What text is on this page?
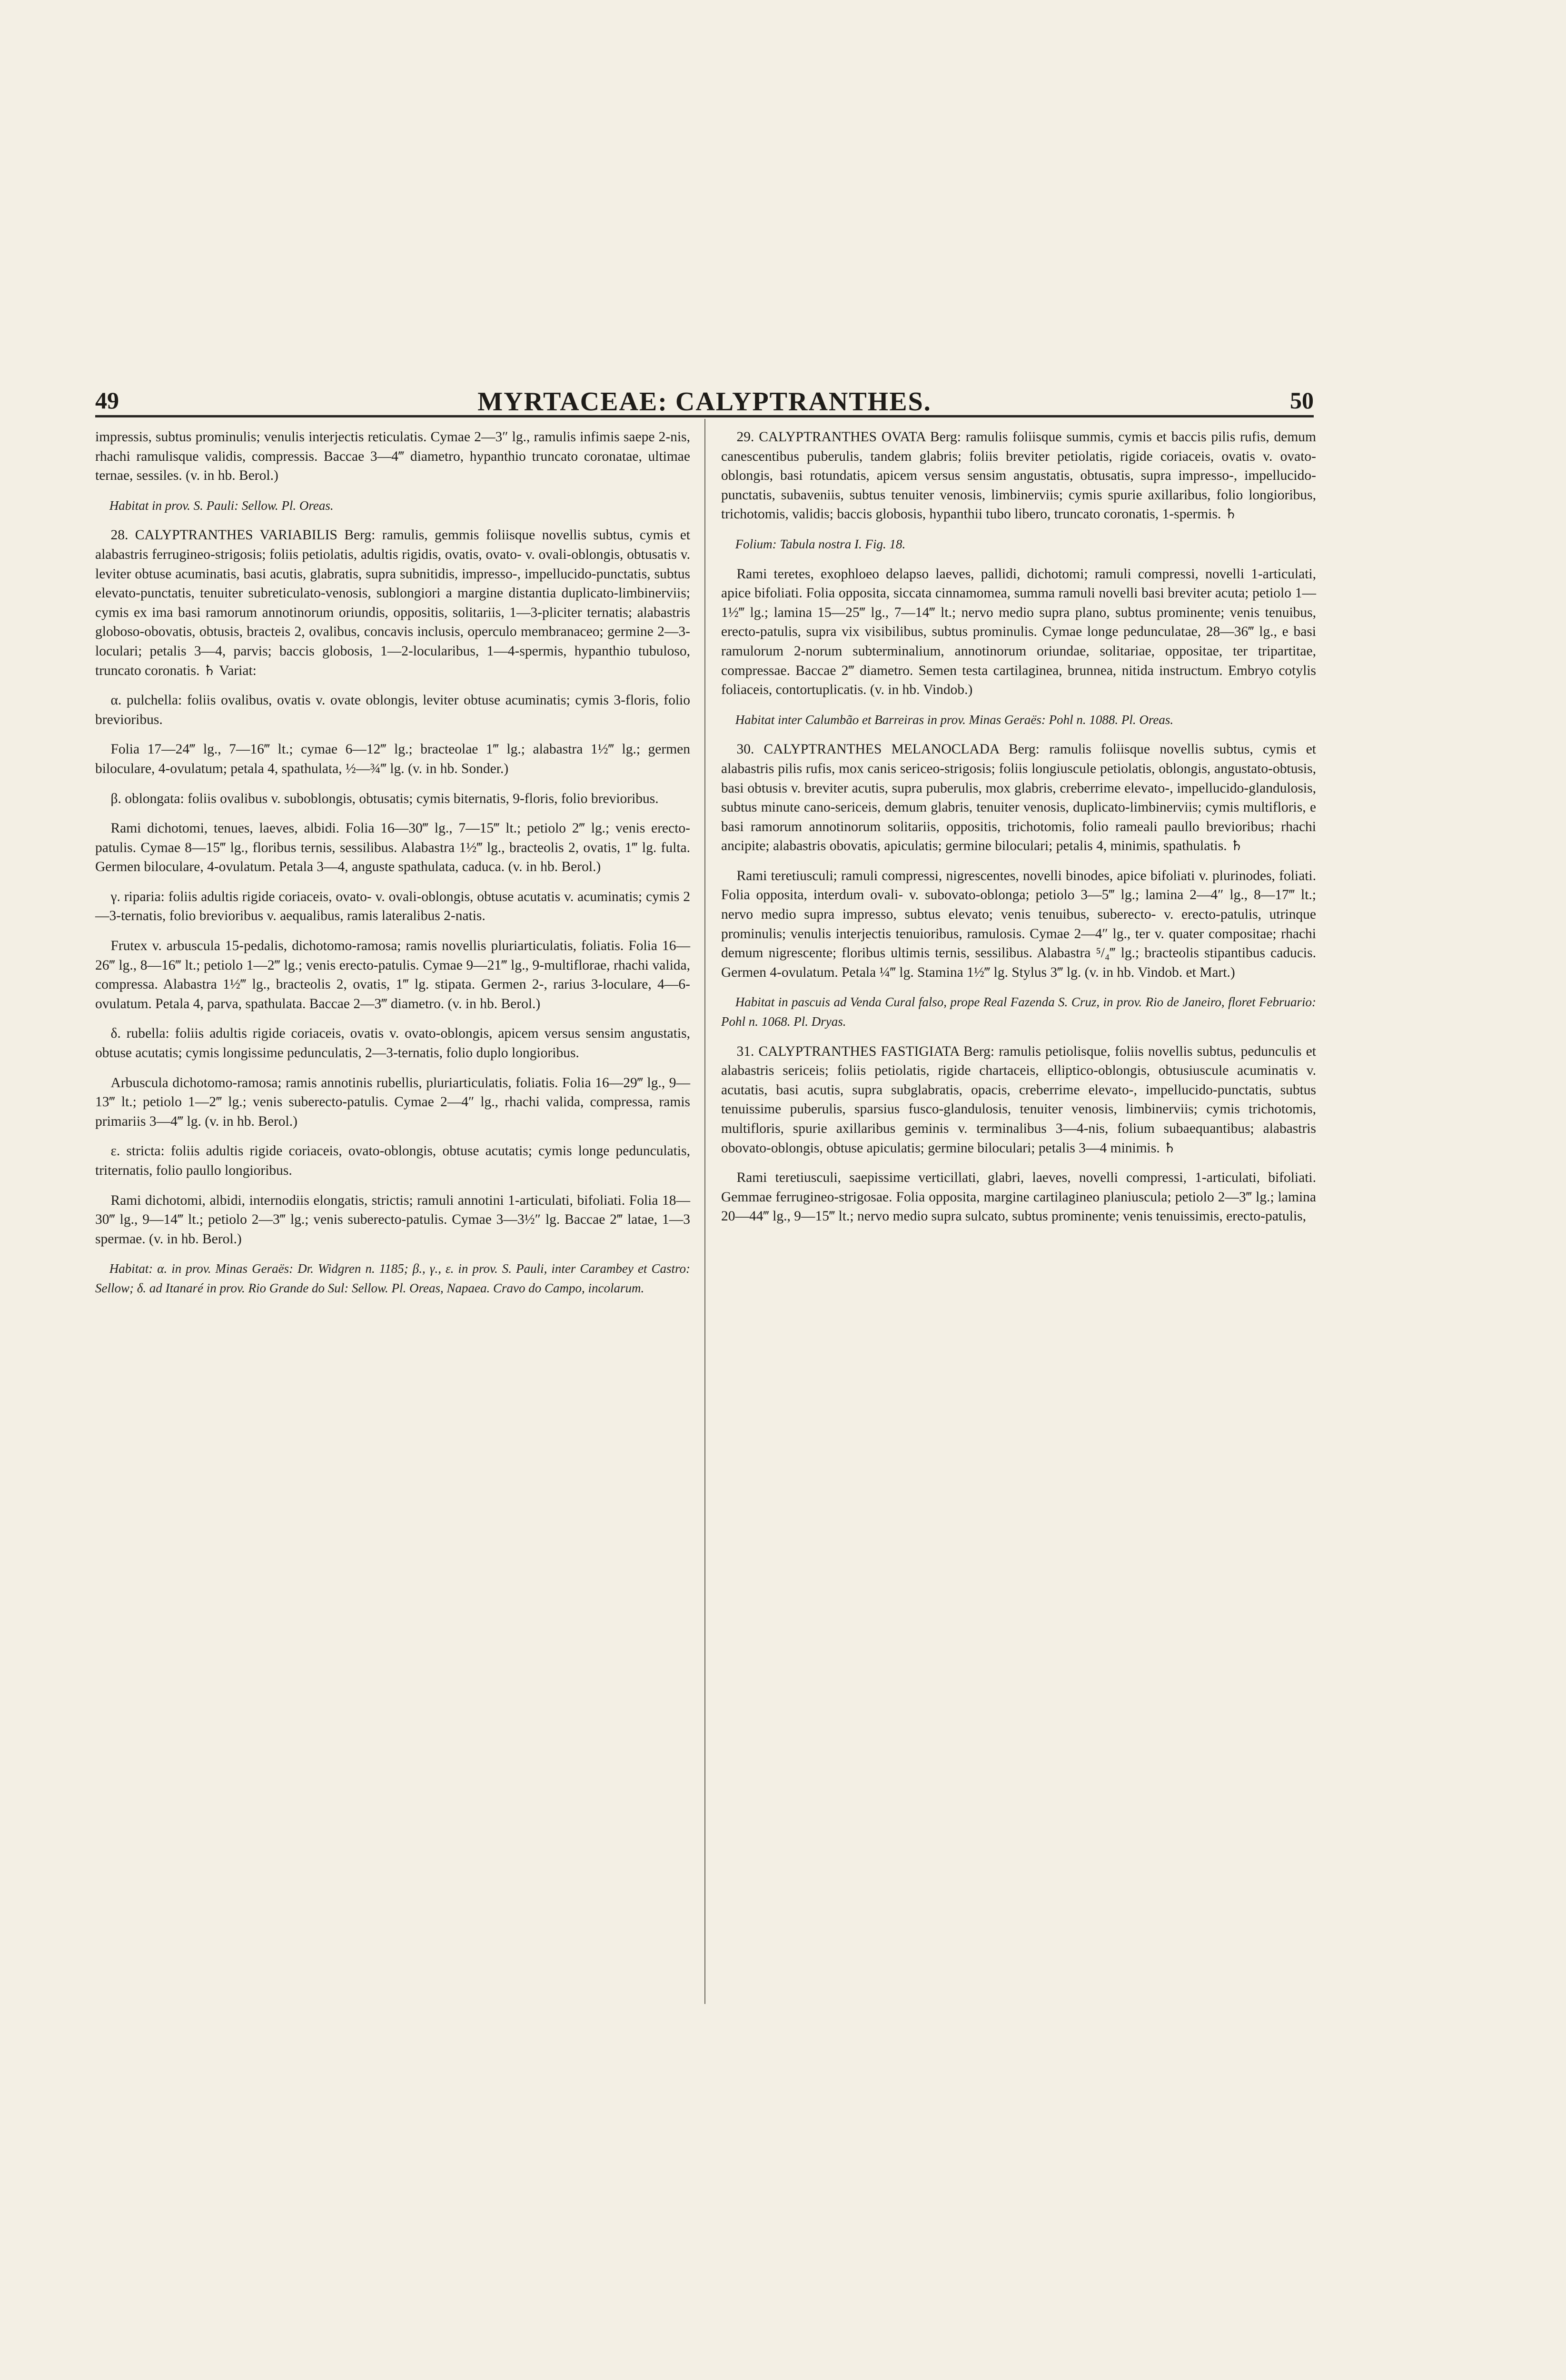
49	MYRTACEAE: CALYPTRANTHES.	50

impressis, subtus prominulis; venulis interjectis reticulatis. Cymae 2—3″ lg., ramulis infimis saepe 2-nis, rhachi ramulisque validis, compressis. Baccae 3—4‴ diametro, hypanthio truncato coronatae, ultimae ternae, sessiles. (v. in hb. Berol.)

Habitat in prov. S. Pauli: Sellow. Pl. Oreas.

28. CALYPTRANTHES VARIABILIS Berg: ramulis, gemmis foliisque novellis subtus, cymis et alabastris ferrugineo-strigosis; foliis petiolatis, adultis rigidis, ovatis, ovato- v. ovali-oblongis, obtusatis v. leviter obtuse acuminatis, basi acutis, glabratis, supra subnitidis, impresso-, impellucido-punctatis, subtus elevato-punctatis, tenuiter subreticulato-venosis, sublongiori a margine distantia duplicato-limbinerviis; cymis ex ima basi ramorum annotinorum oriundis, oppositis, solitariis, 1—3-pliciter ternatis; alabastris globoso-obovatis, obtusis, bracteis 2, ovalibus, concavis inclusis, operculo membranaceo; germine 2—3-loculari; petalis 3—4, parvis; baccis globosis, 1—2-locularibus, 1—4-spermis, hypanthio tubuloso, truncato coronatis. ♄ Variat:

α. pulchella: foliis ovalibus, ovatis v. ovate oblongis, leviter obtuse acuminatis; cymis 3-floris, folio brevioribus.

Folia 17—24‴ lg., 7—16‴ lt.; cymae 6—12‴ lg.; bracteolae 1‴ lg.; alabastra 1½‴ lg.; germen biloculare, 4-ovulatum; petala 4, spathulata, ½—¾‴ lg. (v. in hb. Sonder.)

β. oblongata: foliis ovalibus v. suboblongis, obtusatis; cymis biternatis, 9-floris, folio brevioribus.

Rami dichotomi, tenues, laeves, albidi. Folia 16—30‴ lg., 7—15‴ lt.; petiolo 2‴ lg.; venis erecto-patulis. Cymae 8—15‴ lg., floribus ternis, sessilibus. Alabastra 1½‴ lg., bracteolis 2, ovatis, 1‴ lg. fulta. Germen biloculare, 4-ovulatum. Petala 3—4, anguste spathulata, caduca. (v. in hb. Berol.)

γ. riparia: foliis adultis rigide coriaceis, ovato- v. ovali-oblongis, obtuse acutatis v. acuminatis; cymis 2—3-ternatis, folio brevioribus v. aequalibus, ramis lateralibus 2-natis.

Frutex v. arbuscula 15-pedalis, dichotomo-ramosa; ramis novellis pluriarticulatis, foliatis. Folia 16—26‴ lg., 8—16‴ lt.; petiolo 1—2‴ lg.; venis erecto-patulis. Cymae 9—21‴ lg., 9-multiflorae, rhachi valida, compressa. Alabastra 1½‴ lg., bracteolis 2, ovatis, 1‴ lg. stipata. Germen 2-, rarius 3-loculare, 4—6-ovulatum. Petala 4, parva, spathulata. Baccae 2—3‴ diametro. (v. in hb. Berol.)

δ. rubella: foliis adultis rigide coriaceis, ovatis v. ovato-oblongis, apicem versus sensim angustatis, obtuse acutatis; cymis longissime pedunculatis, 2—3-ternatis, folio duplo longioribus.

Arbuscula dichotomo-ramosa; ramis annotinis rubellis, pluriarticulatis, foliatis. Folia 16—29‴ lg., 9—13‴ lt.; petiolo 1—2‴ lg.; venis suberecto-patulis. Cymae 2—4″ lg., rhachi valida, compressa, ramis primariis 3—4‴ lg. (v. in hb. Berol.)

ε. stricta: foliis adultis rigide coriaceis, ovato-oblongis, obtuse acutatis; cymis longe pedunculatis, triternatis, folio paullo longioribus.

Rami dichotomi, albidi, internodiis elongatis, strictis; ramuli annotini 1-articulati, bifoliati. Folia 18—30‴ lg., 9—14‴ lt.; petiolo 2—3‴ lg.; venis suberecto-patulis. Cymae 3—3½″ lg. Baccae 2‴ latae, 1—3 spermae. (v. in hb. Berol.)

Habitat: α. in prov. Minas Geraës: Dr. Widgren n. 1185; β., γ., ε. in prov. S. Pauli, inter Carambey et Castro: Sellow; δ. ad Itanaré in prov. Rio Grande do Sul: Sellow. Pl. Oreas, Napaea. Cravo do Campo, incolarum.

29. CALYPTRANTHES OVATA Berg: ramulis foliisque summis, cymis et baccis pilis rufis, demum canescentibus puberulis, tandem glabris; foliis breviter petiolatis, rigide coriaceis, ovatis v. ovato-oblongis, basi rotundatis, apicem versus sensim angustatis, obtusatis, supra impresso-, impellucido-punctatis, subaveniis, subtus tenuiter venosis, limbinerviis; cymis spurie axillaribus, folio longioribus, trichotomis, validis; baccis globosis, hypanthii tubo libero, truncato coronatis, 1-spermis. ♄

Folium: Tabula nostra I. Fig. 18.

Rami teretes, exophloeo delapso laeves, pallidi, dichotomi; ramuli compressi, novelli 1-articulati, apice bifoliati. Folia opposita, siccata cinnamomea, summa ramuli novelli basi breviter acuta; petiolo 1—1½‴ lg.; lamina 15—25‴ lg., 7—14‴ lt.; nervo medio supra plano, subtus prominente; venis tenuibus, erecto-patulis, supra vix visibilibus, subtus prominulis. Cymae longe pedunculatae, 28—36‴ lg., e basi ramulorum 2-norum subterminalium, annotinorum oriundae, solitariae, oppositae, ter tripartitae, compressae. Baccae 2‴ diametro. Semen testa cartilaginea, brunnea, nitida instructum. Embryo cotylis foliaceis, contortuplicatis. (v. in hb. Vindob.)

Habitat inter Calumbão et Barreiras in prov. Minas Geraës: Pohl n. 1088. Pl. Oreas.

30. CALYPTRANTHES MELANOCLADA Berg: ramulis foliisque novellis subtus, cymis et alabastris pilis rufis, mox canis sericeo-strigosis; foliis longiuscule petiolatis, oblongis, angustato-obtusis, basi obtusis v. breviter acutis, supra puberulis, mox glabris, creberrime elevato-, impellucido-glandulosis, subtus minute cano-sericeis, demum glabris, tenuiter venosis, duplicato-limbinerviis; cymis multifloris, e basi ramorum annotinorum solitariis, oppositis, trichotomis, folio rameali paullo brevioribus; rhachi ancipite; alabastris obovatis, apiculatis; germine biloculari; petalis 4, minimis, spathulatis. ♄

Rami teretiusculi; ramuli compressi, nigrescentes, novelli binodes, apice bifoliati v. plurinodes, foliati. Folia opposita, interdum ovali- v. subovato-oblonga; petiolo 3—5‴ lg.; lamina 2—4″ lg., 8—17‴ lt.; nervo medio supra impresso, subtus elevato; venis tenuibus, suberecto- v. erecto-patulis, utrinque prominulis; venulis interjectis tenuioribus, ramulosis. Cymae 2—4″ lg., ter v. quater compositae; rhachi demum nigrescente; floribus ultimis ternis, sessilibus. Alabastra ⁵/₄‴ lg.; bracteolis stipantibus caducis. Germen 4-ovulatum. Petala ¼‴ lg. Stamina 1½‴ lg. Stylus 3‴ lg. (v. in hb. Vindob. et Mart.)

Habitat in pascuis ad Venda Cural falso, prope Real Fazenda S. Cruz, in prov. Rio de Janeiro, floret Februario: Pohl n. 1068. Pl. Dryas.

31. CALYPTRANTHES FASTIGIATA Berg: ramulis petiolisque, foliis novellis subtus, pedunculis et alabastris sericeis; foliis petiolatis, rigide chartaceis, elliptico-oblongis, obtusiuscule acuminatis v. acutatis, basi acutis, supra subglabratis, opacis, creberrime elevato-, impellucido-punctatis, subtus tenuissime puberulis, sparsius fusco-glandulosis, tenuiter venosis, limbinerviis; cymis trichotomis, multifloris, spurie axillaribus geminis v. terminalibus 3—4-nis, folium subaequantibus; alabastris obovato-oblongis, obtuse apiculatis; germine biloculari; petalis 3—4 minimis. ♄

Rami teretiusculi, saepissime verticillati, glabri, laeves, novelli compressi, 1-articulati, bifoliati. Gemmae ferrugineo-strigosae. Folia opposita, margine cartilagineo planiuscula; petiolo 2—3‴ lg.; lamina 20—44‴ lg., 9—15‴ lt.; nervo medio supra sulcato, subtus prominente; venis tenuissimis, erecto-patulis,
